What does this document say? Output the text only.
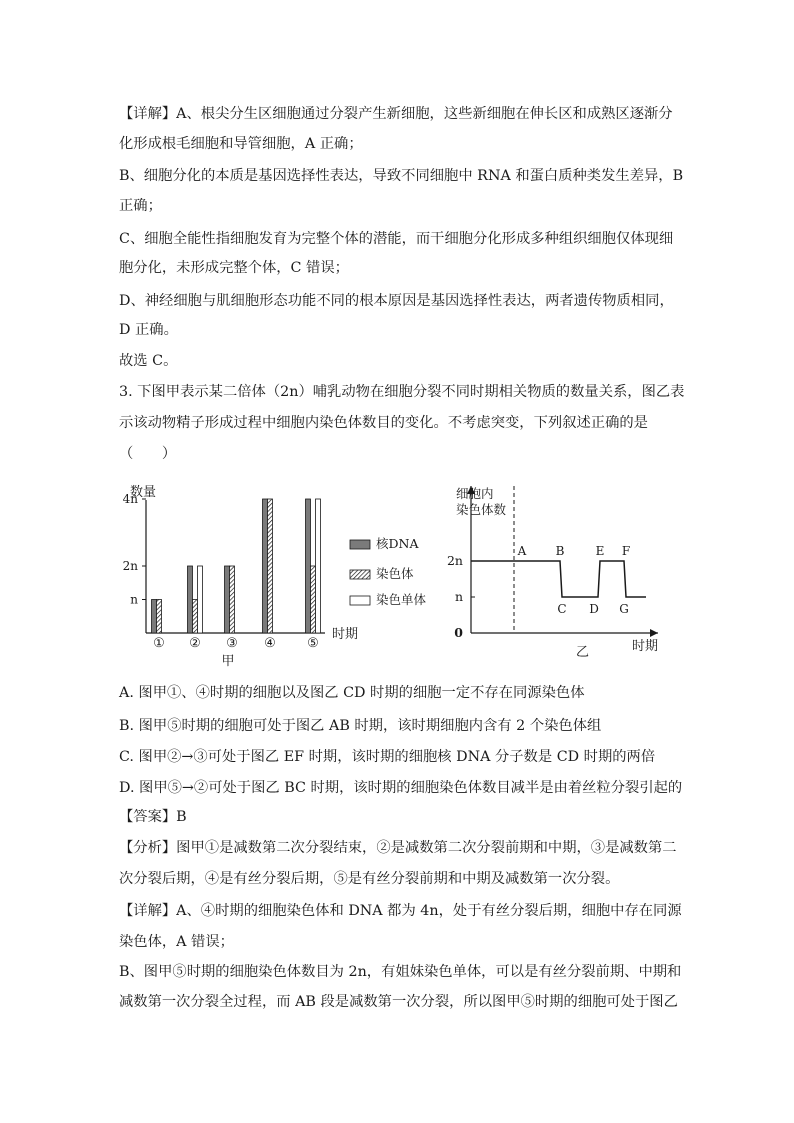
【详解】A、根尖分生区细胞通过分裂产生新细胞，这些新细胞在伸长区和成熟区逐渐分
化形成根毛细胞和导管细胞，A 正确；
B、细胞分化的本质是基因选择性表达，导致不同细胞中 RNA 和蛋白质种类发生差异，B
正确；
C、细胞全能性指细胞发育为完整个体的潜能，而干细胞分化形成多种组织细胞仅体现细
胞分化，未形成完整个体，C 错误；
D、神经细胞与肌细胞形态功能不同的根本原因是基因选择性表达，两者遗传物质相同，
D 正确。
故选 C。
3. 下图甲表示某二倍体（2n）哺乳动物在细胞分裂不同时期相关物质的数量关系，图乙表
示该动物精子形成过程中细胞内染色体数目的变化。不考虑突变，下列叙述正确的是
（　　）
数量
时期
甲
n
2n
4n
① ② ③ ④ ⑤
核DNA
染色体
染色单体
细胞内
染色体数
时期
乙
0
n
2n
A B
C D
E F
G
A. 图甲①、④时期的细胞以及图乙 CD 时期的细胞一定不存在同源染色体
B. 图甲⑤时期的细胞可处于图乙 AB 时期，该时期细胞内含有 2 个染色体组
C. 图甲②→③可处于图乙 EF 时期，该时期的细胞核 DNA 分子数是 CD 时期的两倍
D. 图甲⑤→②可处于图乙 BC 时期，该时期的细胞染色体数目减半是由着丝粒分裂引起的
【答案】B
【分析】图甲①是减数第二次分裂结束，②是减数第二次分裂前期和中期，③是减数第二
次分裂后期，④是有丝分裂后期，⑤是有丝分裂前期和中期及减数第一次分裂。
【详解】A、④时期的细胞染色体和 DNA 都为 4n，处于有丝分裂后期，细胞中存在同源
染色体，A 错误；
B、图甲⑤时期的细胞染色体数目为 2n，有姐妹染色单体，可以是有丝分裂前期、中期和
减数第一次分裂全过程，而 AB 段是减数第一次分裂，所以图甲⑤时期的细胞可处于图乙
